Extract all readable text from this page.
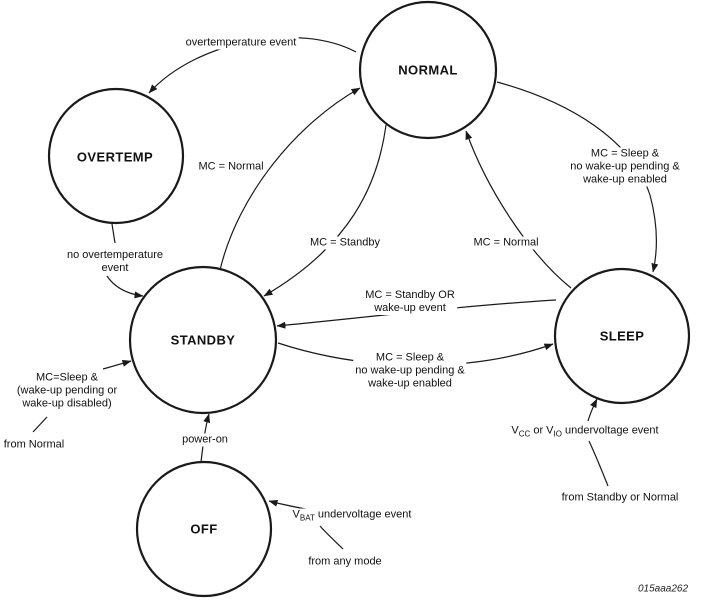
NORMAL
OVERTEMP
STANDBY	SLEEP
OFF
overtemperature event
MC = Normal
MC = Sleep &
no wake-up pending &
wake-up enabled
MC = Standby	MC = Normal
no overtemperature
event
MC = Standby OR
wake-up event
MC = Sleep &
no wake-up pending &
wake-up enabled
MC=Sleep &
(wake-up pending or
wake-up disabled)
from Normal	power-on
$V_{CC}$ or $V_{IO}$ undervoltage event
from Standby or Normal
$V_{BAT}$ undervoltage event
from any mode
015aaa262
